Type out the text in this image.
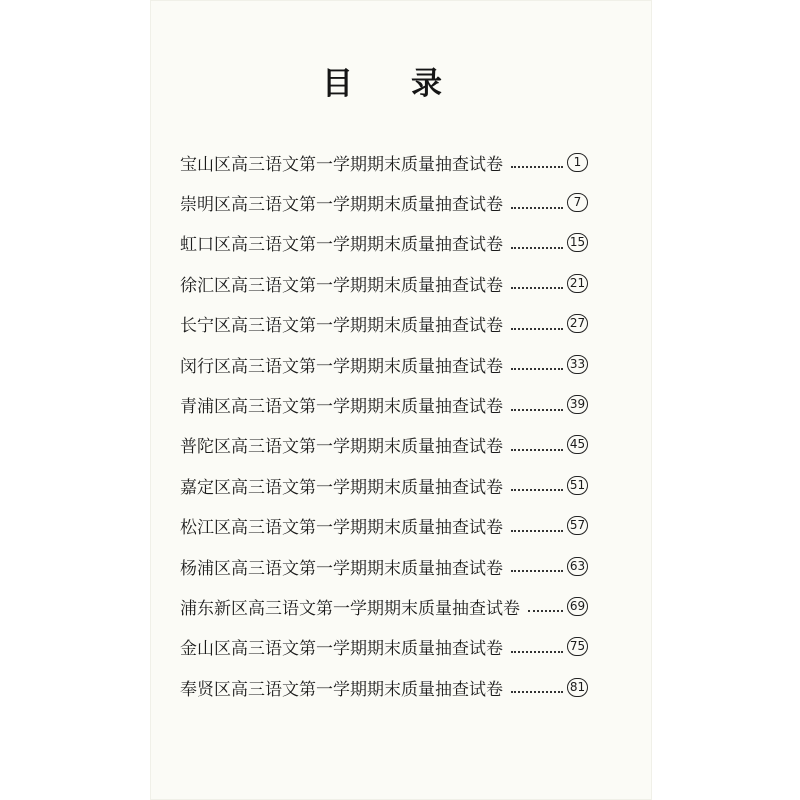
目 录
宝山区高三语文第一学期期末质量抽查试卷	1
崇明区高三语文第一学期期末质量抽查试卷	7
虹口区高三语文第一学期期末质量抽查试卷	15
徐汇区高三语文第一学期期末质量抽查试卷	21
长宁区高三语文第一学期期末质量抽查试卷	27
闵行区高三语文第一学期期末质量抽查试卷	33
青浦区高三语文第一学期期末质量抽查试卷	39
普陀区高三语文第一学期期末质量抽查试卷	45
嘉定区高三语文第一学期期末质量抽查试卷	51
松江区高三语文第一学期期末质量抽查试卷	57
杨浦区高三语文第一学期期末质量抽查试卷	63
浦东新区高三语文第一学期期末质量抽查试卷	69
金山区高三语文第一学期期末质量抽查试卷	75
奉贤区高三语文第一学期期末质量抽查试卷	81
